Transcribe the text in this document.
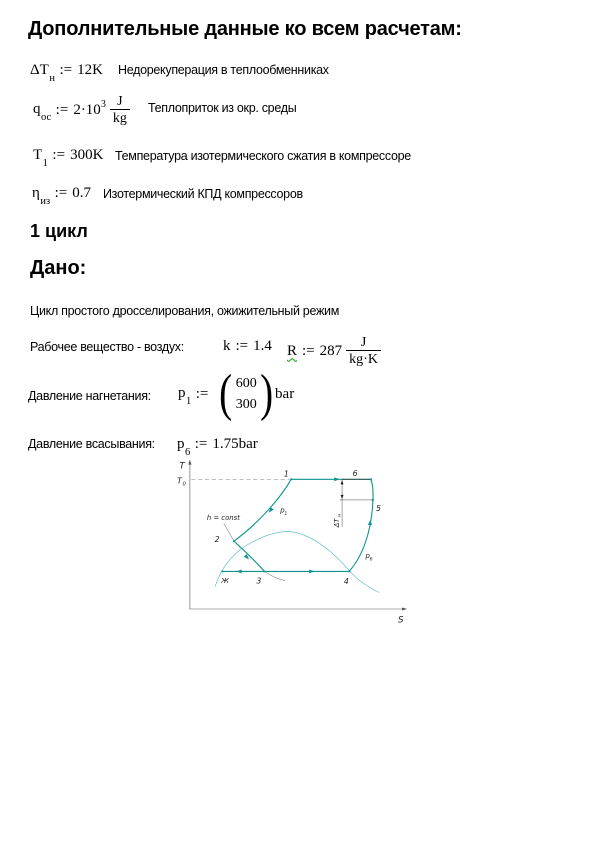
Дополнительные данные ко всем расчетам:
$\Delta T_н:= 12K$ Недорекуперация в теплообменниках
$q_{ос}$ := 2·10 $3 \frac{J}{kg}$ Теплоприток из окр. среды
$T_1:= 300K$ Температура изотермического сжатия в компрессоре
$\eta_{из}:= 0.7$ Изотермический КПД компрессоров
1 цикл
Дано:
Цикл простого дросселирования, ожижительный режим
Рабочее вещество - воздух:	k := 1.4 R := $287 \frac{J}{kg\cdot K}$
Давление нагнетания: $p_1$ := ( 600
300 ) bar
Давление всасывания: $p_6:= 1.75bar$
T
T 0
S
1	6
5
2
3	4
Ж
p 1
p 6
h = const
ΔT
н
